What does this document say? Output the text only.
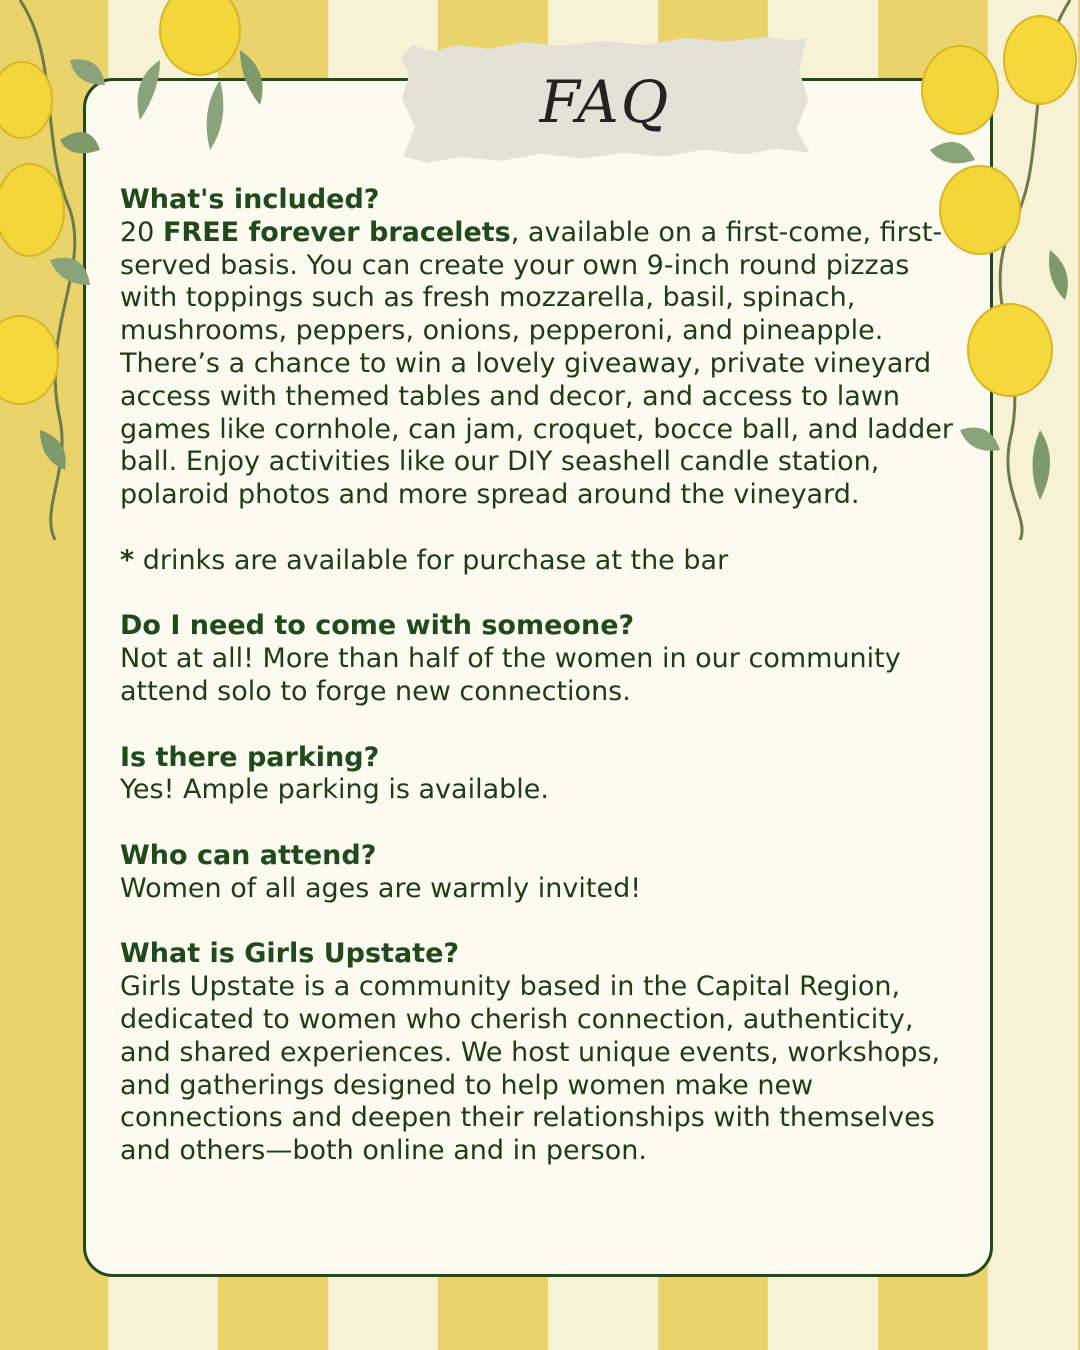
FAQ

What's included?

20 FREE forever bracelets, available on a first-come, first-served basis. You can create your own 9-inch round pizzas with toppings such as fresh mozzarella, basil, spinach, mushrooms, peppers, onions, pepperoni, and pineapple. There’s a chance to win a lovely giveaway, private vineyard access with themed tables and decor, and access to lawn games like cornhole, can jam, croquet, bocce ball, and ladder ball. Enjoy activities like our DIY seashell candle station, polaroid photos and more spread around the vineyard.

* drinks are available for purchase at the bar

Do I need to come with someone?

Not at all! More than half of the women in our community attend solo to forge new connections.

Is there parking?

Yes! Ample parking is available.

Who can attend?

Women of all ages are warmly invited!

What is Girls Upstate?

Girls Upstate is a community based in the Capital Region, dedicated to women who cherish connection, authenticity, and shared experiences. We host unique events, workshops, and gatherings designed to help women make new connections and deepen their relationships with themselves and others—both online and in person.
